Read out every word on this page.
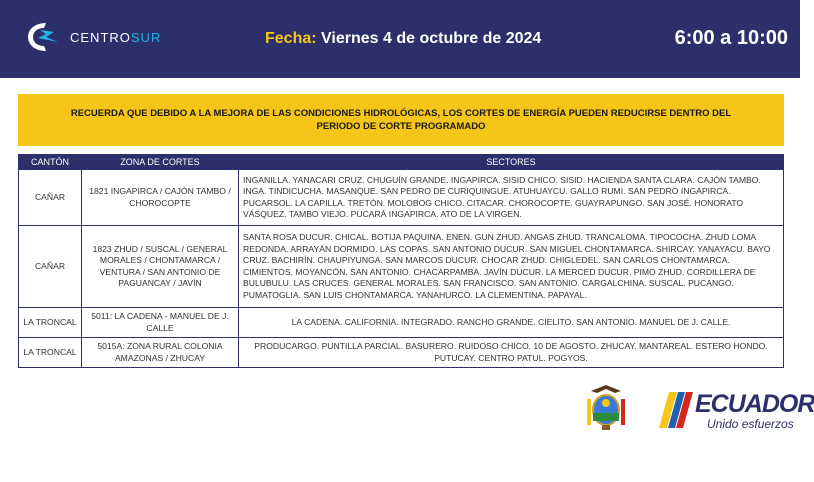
CENTROSUR	Fecha: Viernes 4 de octubre de 2024	6:00 a 10:00
RECUERDA QUE DEBIDO A LA MEJORA DE LAS CONDICIONES HIDROLÓGICAS, LOS CORTES DE ENERGÍA PUEDEN REDUCIRSE DENTRO DEL PERIODO DE CORTE PROGRAMADO
CANTÓN	ZONA DE CORTES	SECTORES
CAÑAR	1821 INGAPIRCA / CAJÓN TAMBO / CHOROCOPTE	INGANILLA. YANACARI CRUZ. CHUGUÍN GRANDE. INGAPIRCA. SISID CHICO. SISID. HACIENDA SANTA CLARA. CAJÓN TAMBO. INGA. TINDICUCHA. MASANQUE. SAN PEDRO DE CURIQUINGUE. ATUHUAYCU. GALLO RUMI. SAN PEDRO INGAPIRCA. PUCARSOL. LA CAPILLA. TRETÓN. MOLOBOG CHICO. CITACAR. CHOROCOPTE. GUAYRAPUNGO. SAN JOSÉ. HONORATO VÁSQUEZ. TAMBO VIEJO. PUCARÁ INGAPIRCA. ATO DE LA VIRGEN.
CAÑAR	1823 ZHUD / SUSCAL / GENERAL MORALES / CHONTAMARCA / VENTURA / SAN ANTONIO DE PAGUANCAY / JAVÍN	SANTA ROSA DUCUR. CHICAL. BOTIJA PAQUINA. ENEN. GUN ZHUD. ANGAS ZHUD. TRANCALOMA. TIPOCOCHA. ZHUD LOMA REDONDA. ARRAYÁN DORMIDO. LAS COPAS. SAN ANTONIO DUCUR. SAN MIGUEL CHONTAMARCA. SHIRCAY. YANAYACU. BAYO CRUZ. BACHIRÍN. CHAUPIYUNGA. SAN MARCOS DUCUR. CHOCAR ZHUD. CHIGLEDEL. SAN CARLOS CHONTAMARCA. CIMIENTOS. MOYANCÓN. SAN ANTONIO. CHACARPAMBA. JAVÍN DUCUR. LA MERCED DUCUR. PIMO ZHUD. CORDILLERA DE BULUBULU. LAS CRUCES. GENERAL MORALES. SAN FRANCISCO. SAN ANTONIO. CARGALCHINA. SUSCAL. PUCANGO. PUMATOGLIA. SAN LUIS CHONTAMARCA. YANAHURCO. LA CLEMENTINA. PAPAYAL.
LA TRONCAL	5011: LA CADENA - MANUEL DE J. CALLE	LA CADENA. CALIFORNIA. INTEGRADO. RANCHO GRANDE. CIELITO. SAN ANTONIO. MANUEL DE J. CALLE.
LA TRONCAL	5015A: ZONA RURAL COLONIA AMAZONAS / ZHUCAY	PRODUCARGO. PUNTILLA PARCIAL. BASURERO. RUIDOSO CHICO. 10 DE AGOSTO. ZHUCAY. MANTAREAL. ESTERO HONDO. PUTUCAY. CENTRO PATUL. POGYOS.
ECUADOR
Unido esfuerzos
